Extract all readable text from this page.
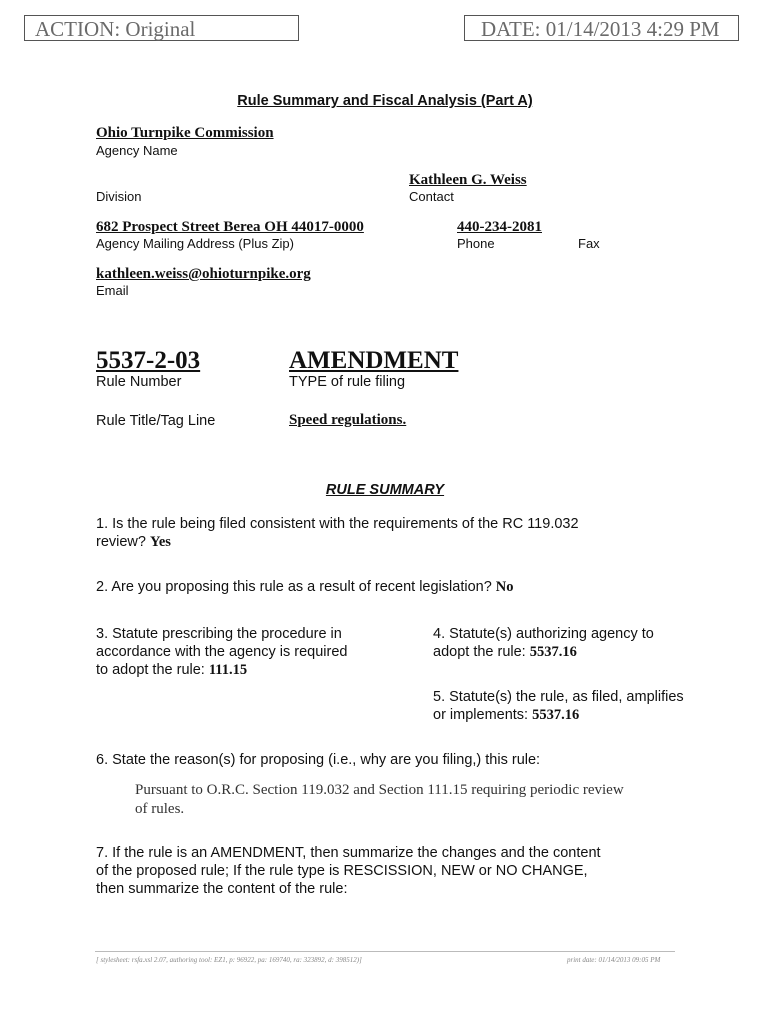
ACTION: Original	DATE: 01/14/2013 4:29 PM
Rule Summary and Fiscal Analysis (Part A)
Ohio Turnpike Commission
Agency Name
Kathleen G. Weiss
Division	Contact
682 Prospect Street Berea OH 44017-0000	440-234-2081
Agency Mailing Address (Plus Zip)	Phone	Fax
kathleen.weiss@ohioturnpike.org
Email
5537-2-03	AMENDMENT
Rule Number	TYPE of rule filing
Rule Title/Tag Line	Speed regulations.
RULE SUMMARY
1. Is the rule being filed consistent with the requirements of the RC 119.032
review? Yes
2. Are you proposing this rule as a result of recent legislation? No
3. Statute prescribing the procedure in
accordance with the agency is required
to adopt the rule: 111.15
4. Statute(s) authorizing agency to
adopt the rule: 5537.16
5. Statute(s) the rule, as filed, amplifies
or implements: 5537.16
6. State the reason(s) for proposing (i.e., why are you filing,) this rule:
Pursuant to O.R.C. Section 119.032 and Section 111.15 requiring periodic review
of rules.
7. If the rule is an AMENDMENT, then summarize the changes and the content
of the proposed rule; If the rule type is RESCISSION, NEW or NO CHANGE,
then summarize the content of the rule:
[ stylesheet: rsfa.xsl 2.07, authoring tool: EZ1, p: 96922, pa: 169740, ra: 323892, d: 398512)]	print date: 01/14/2013 09:05 PM
